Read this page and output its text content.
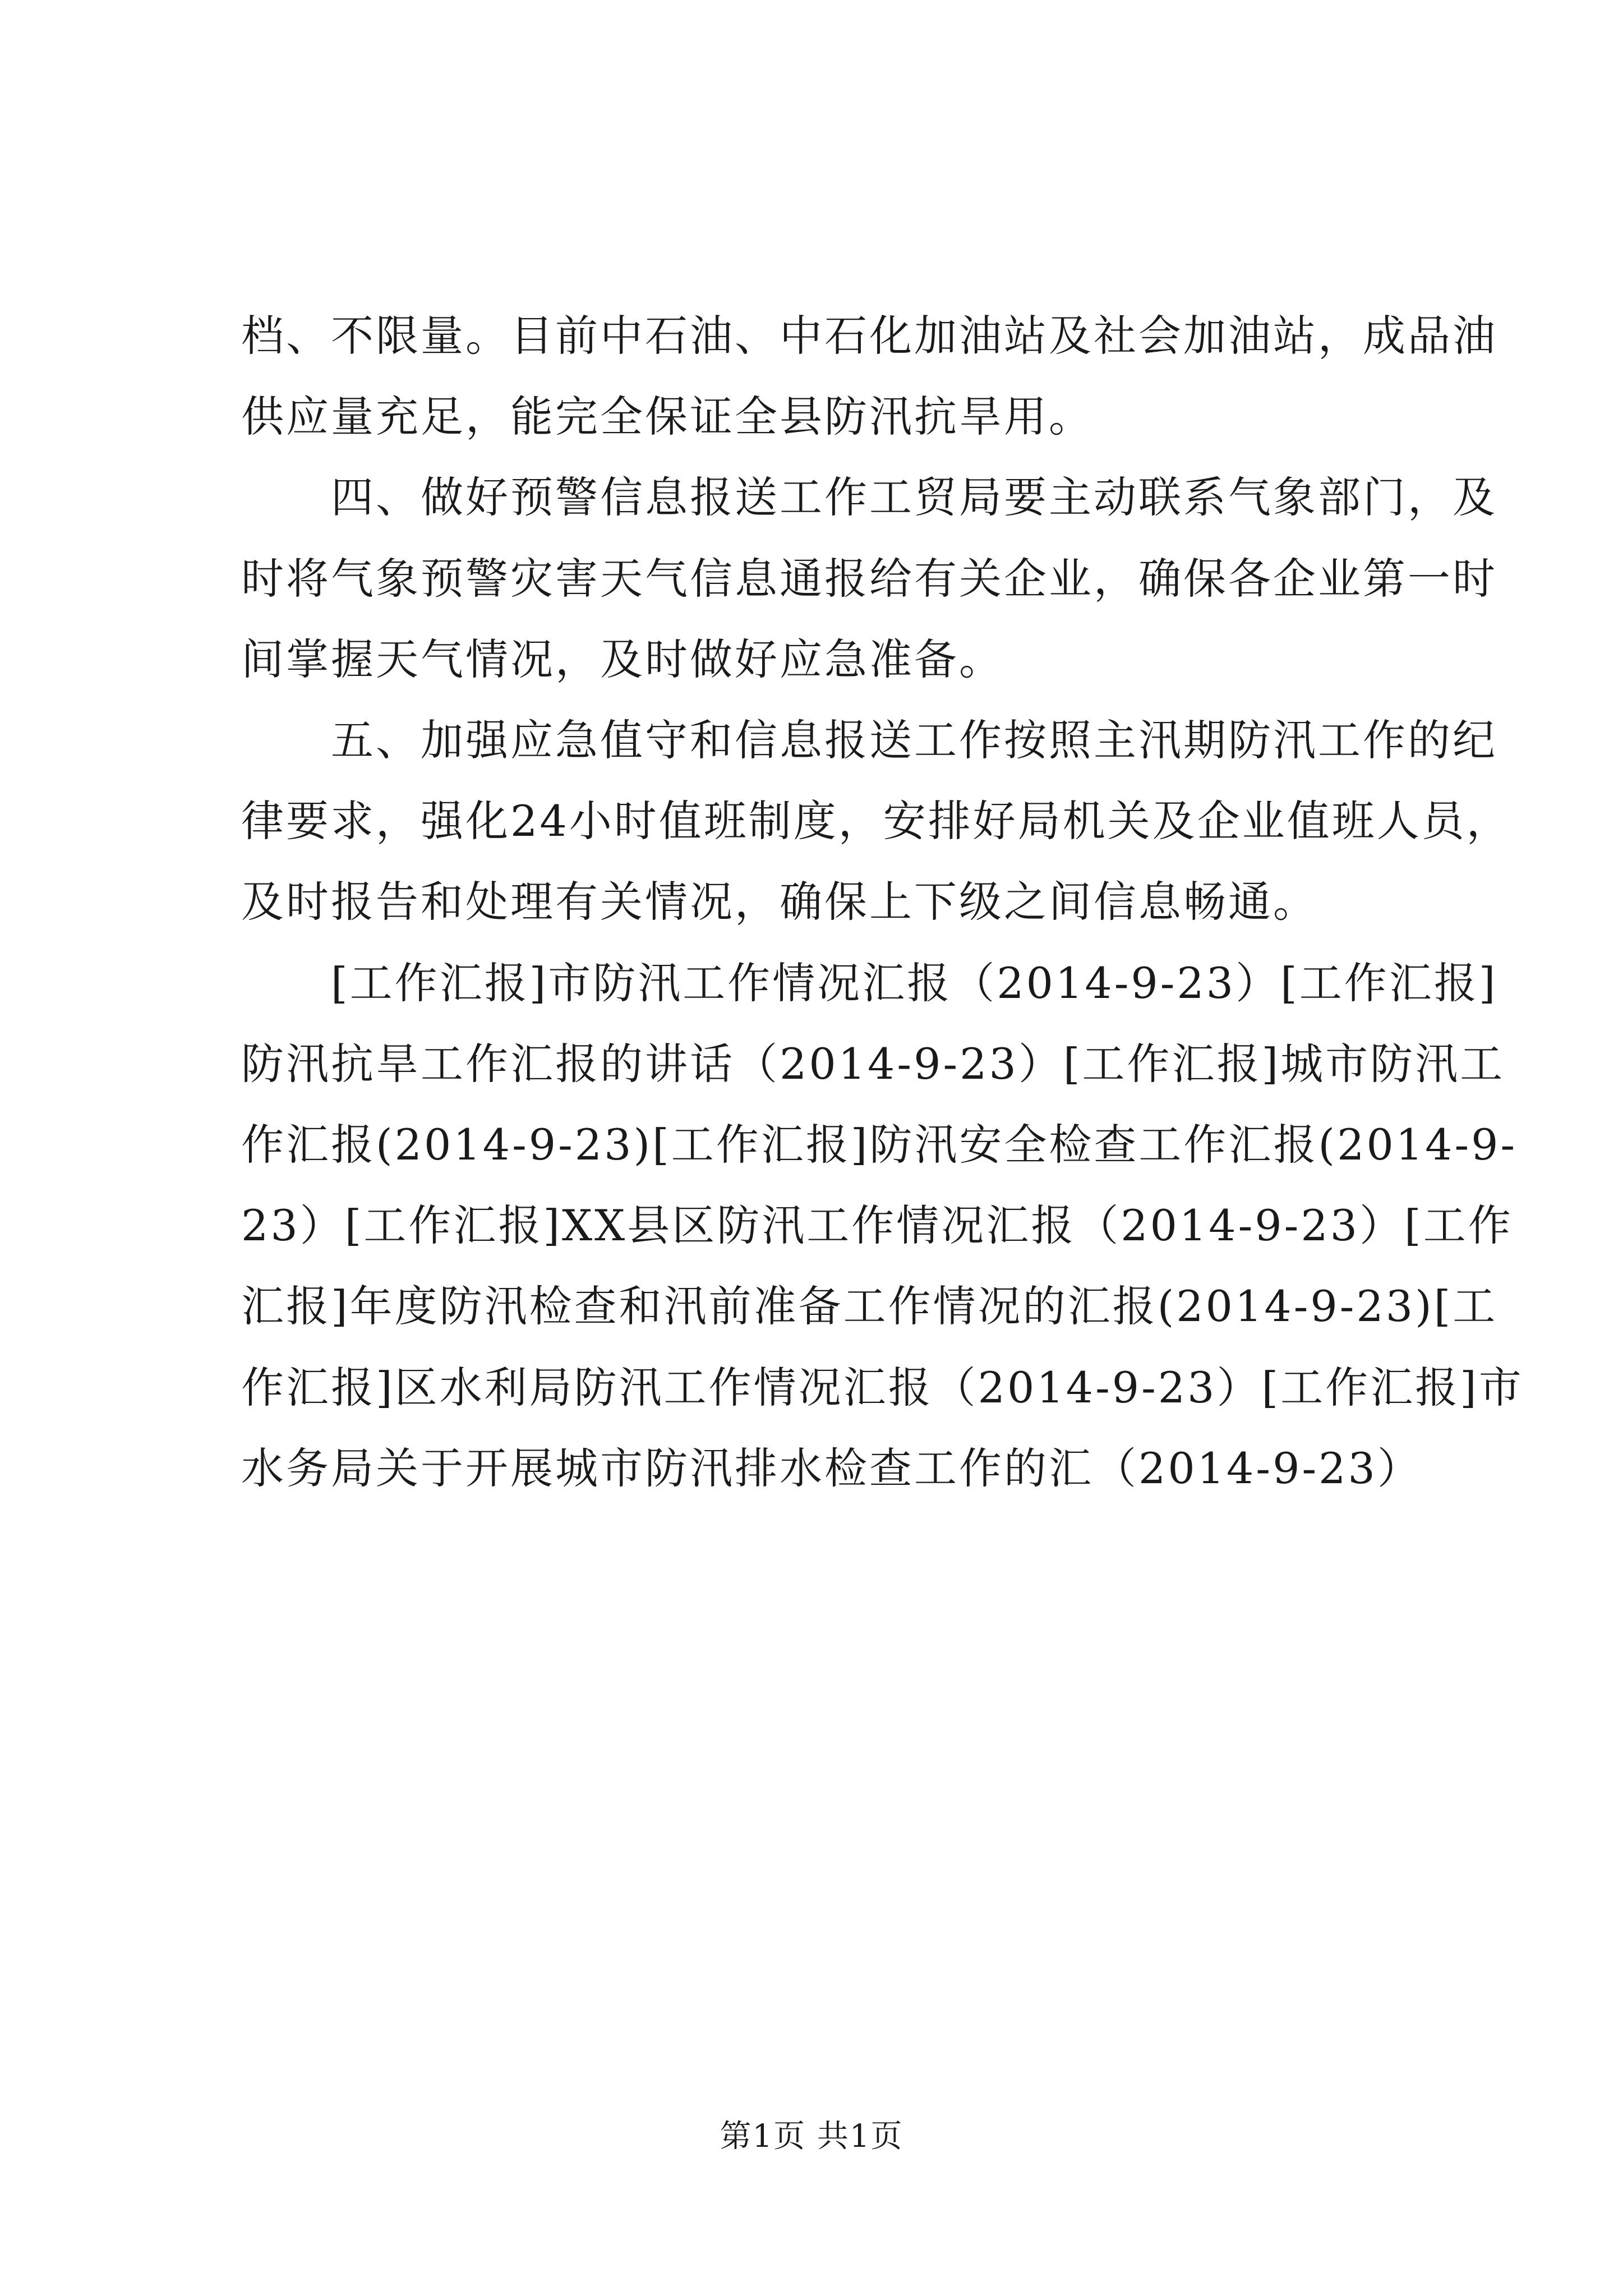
档、不限量。目前中石油、中石化加油站及社会加油站，成品油

供应量充足，能完全保证全县防汛抗旱用。

　　四、做好预警信息报送工作工贸局要主动联系气象部门，及

时将气象预警灾害天气信息通报给有关企业，确保各企业第一时

间掌握天气情况，及时做好应急准备。

　　五、加强应急值守和信息报送工作按照主汛期防汛工作的纪

律要求，强化24小时值班制度，安排好局机关及企业值班人员，

及时报告和处理有关情况，确保上下级之间信息畅通。

　　[工作汇报]市防汛工作情况汇报（2014-9-23）[工作汇报]

防汛抗旱工作汇报的讲话（2014-9-23）[工作汇报]城市防汛工

作汇报(2014-9-23)[工作汇报]防汛安全检查工作汇报(2014-9-

23）[工作汇报]XX县区防汛工作情况汇报（2014-9-23）[工作

汇报]年度防汛检查和汛前准备工作情况的汇报(2014-9-23)[工

作汇报]区水利局防汛工作情况汇报（2014-9-23）[工作汇报]市

水务局关于开展城市防汛排水检查工作的汇（2014-9-23）

第1页 共1页
